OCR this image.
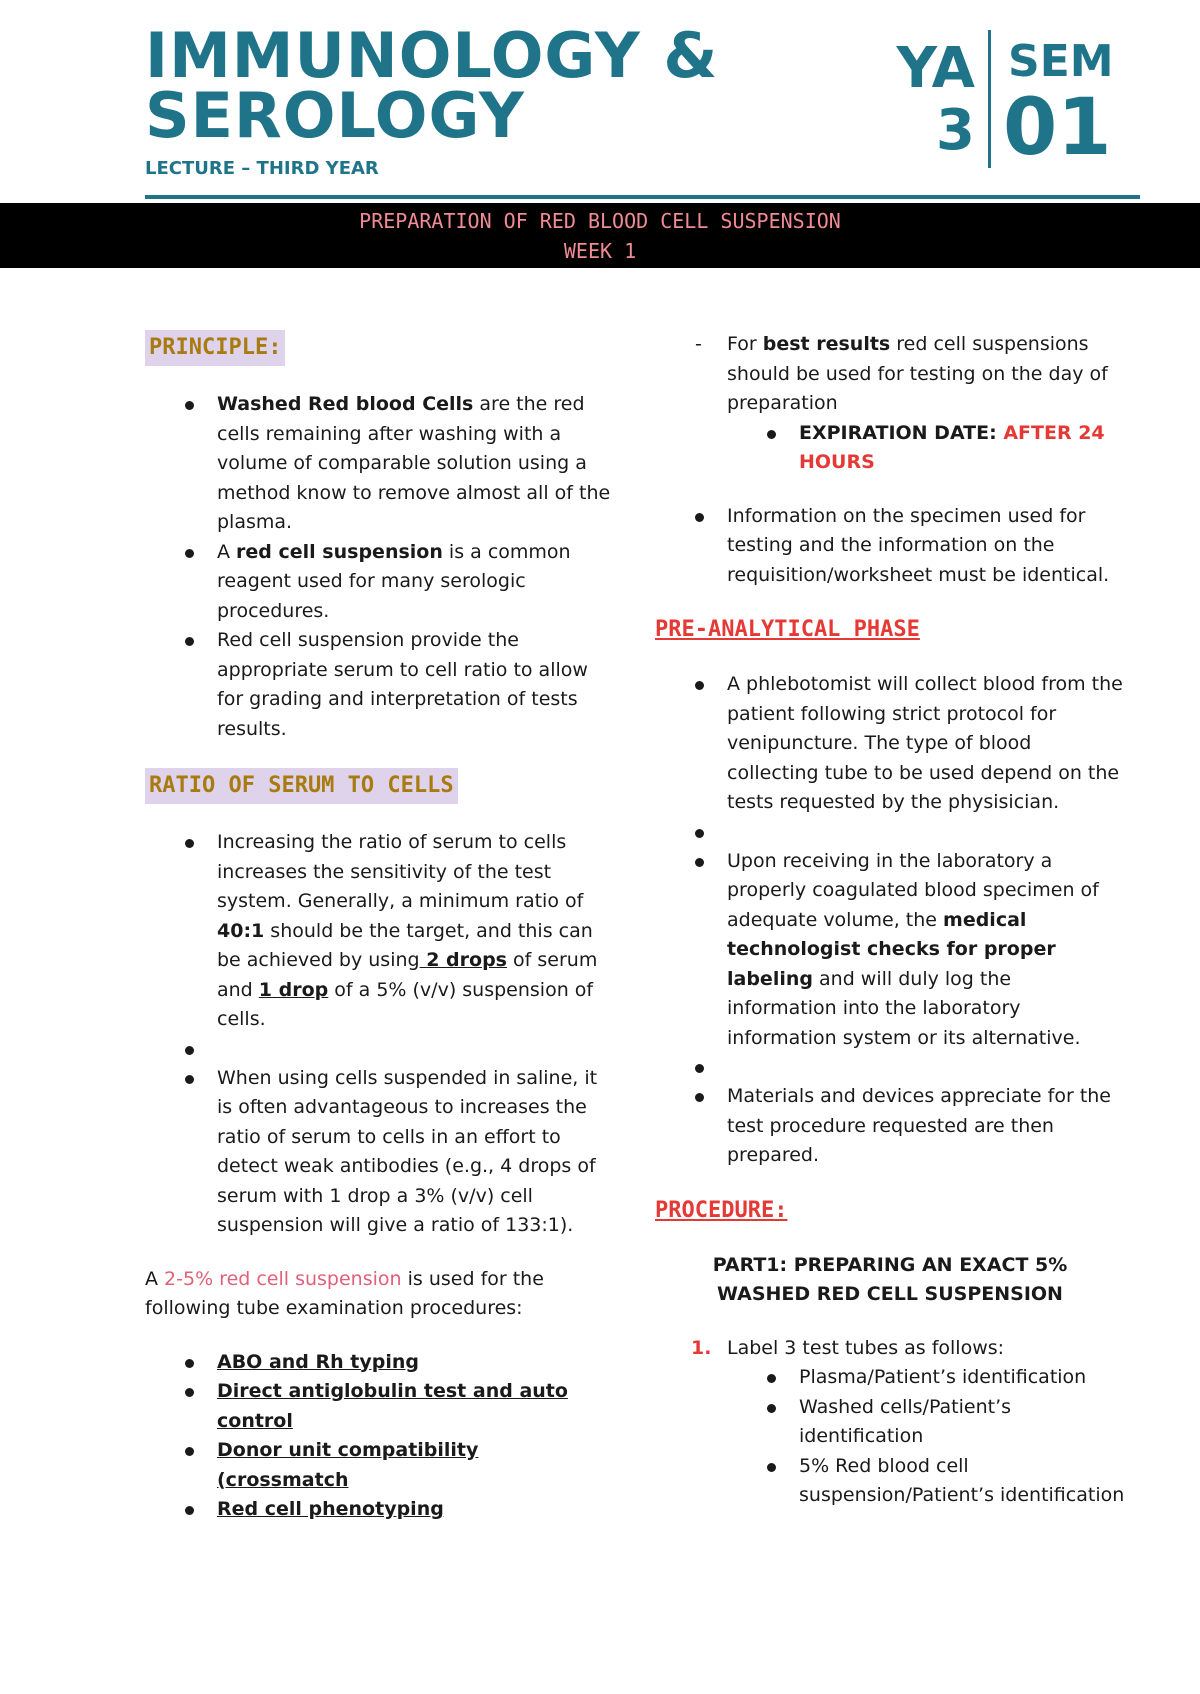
IMMUNOLOGY &
SEROLOGY
LECTURE – THIRD YEAR
YA
3
SEM
01
PREPARATION OF RED BLOOD CELL SUSPENSION
WEEK 1
PRINCIPLE:
Washed Red blood Cells are the red cells remaining after washing with a volume of comparable solution using a method know to remove almost all of the plasma.
A red cell suspension is a common reagent used for many serologic procedures.
Red cell suspension provide the appropriate serum to cell ratio to allow for grading and interpretation of tests results.
RATIO OF SERUM TO CELLS
Increasing the ratio of serum to cells increases the sensitivity of the test system. Generally, a minimum ratio of 40:1 should be the target, and this can be achieved by using 2 drops of serum and 1 drop of a 5% (v/v) suspension of cells.
When using cells suspended in saline, it is often advantageous to increases the ratio of serum to cells in an effort to detect weak antibodies (e.g., 4 drops of serum with 1 drop a 3% (v/v) cell suspension will give a ratio of 133:1).

A 2-5% red cell suspension is used for the following tube examination procedures:

ABO and Rh typing
Direct antiglobulin test and auto control
Donor unit compatibility (crossmatch
Red cell phenotyping
- For best results red cell suspensions should be used for testing on the day of preparation
EXPIRATION DATE: AFTER 24 HOURS
Information on the specimen used for testing and the information on the requisition/worksheet must be identical.
PRE-ANALYTICAL PHASE
A phlebotomist will collect blood from the patient following strict protocol for venipuncture. The type of blood collecting tube to be used depend on the tests requested by the physisician.
Upon receiving in the laboratory a properly coagulated blood specimen of adequate volume, the medical technologist checks for proper labeling and will duly log the information into the laboratory information system or its alternative.
Materials and devices appreciate for the test procedure requested are then prepared.
PROCEDURE:

PART1: PREPARING AN EXACT 5% WASHED RED CELL SUSPENSION

1. Label 3 test tubes as follows:
Plasma/Patient’s identification
Washed cells/Patient’s identification
5% Red blood cell suspension/Patient’s identification
